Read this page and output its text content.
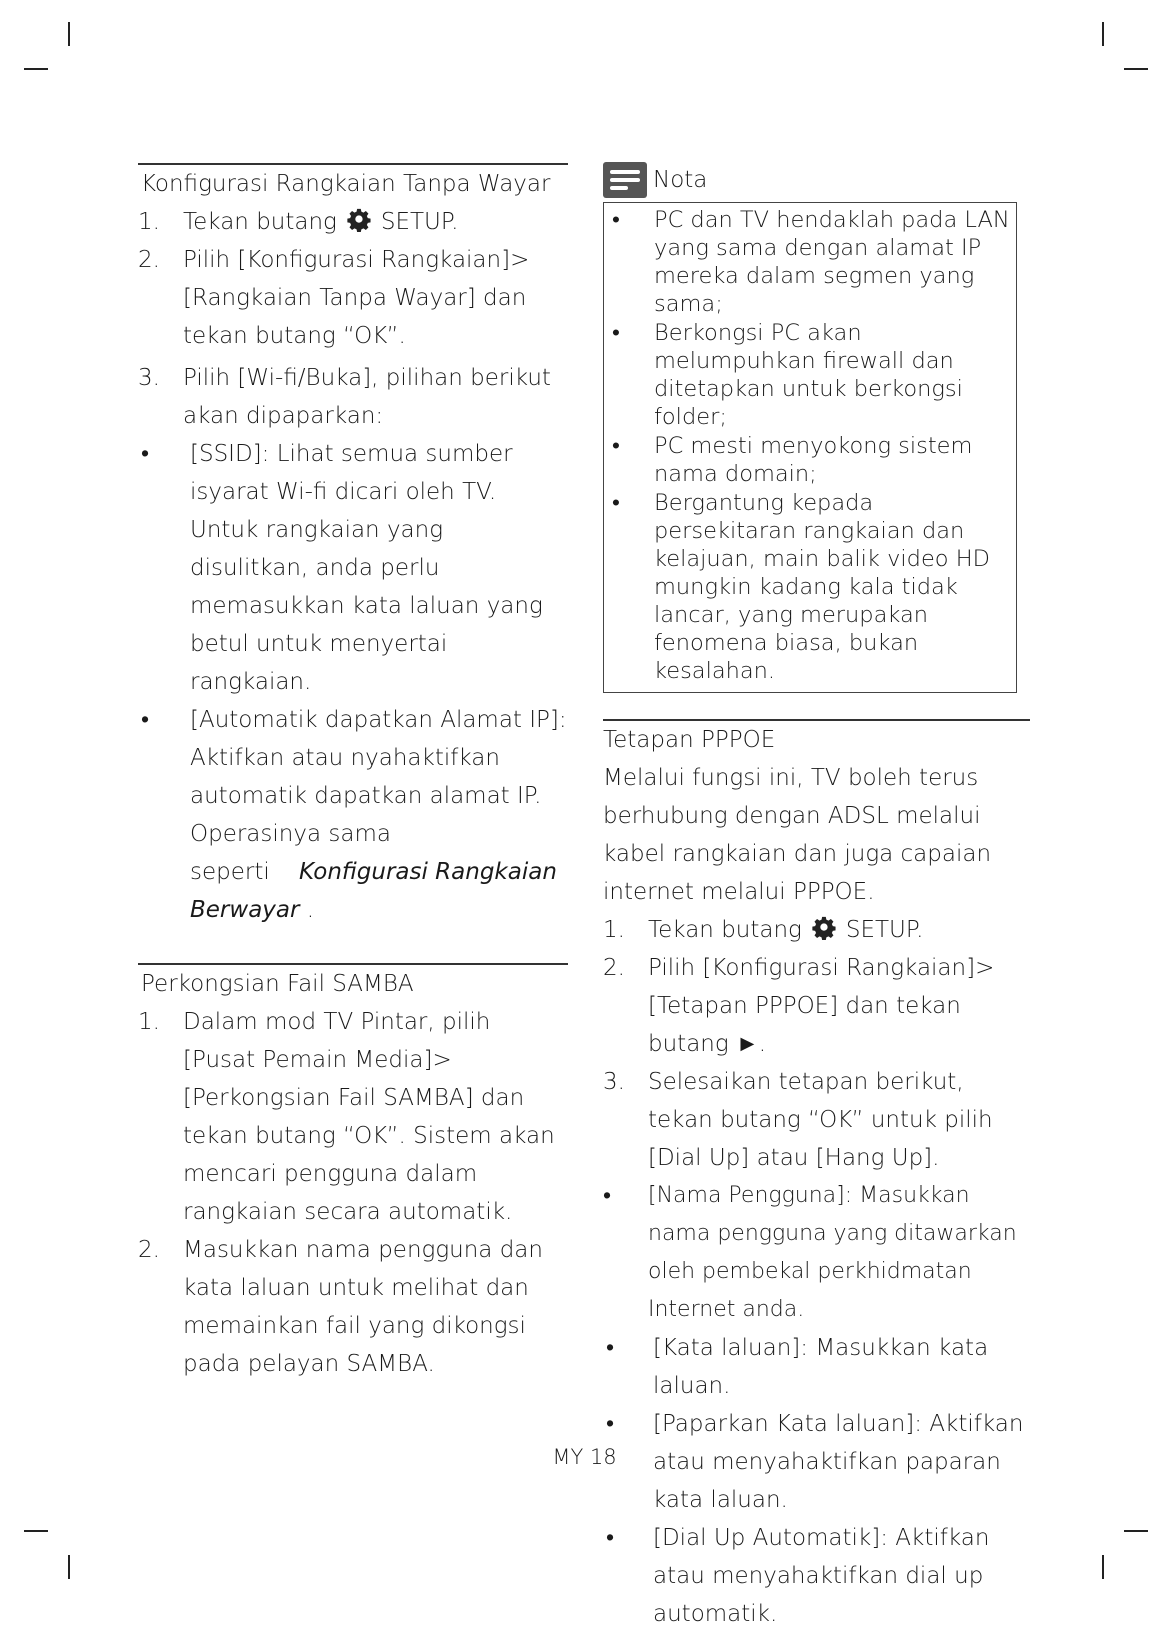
Konfigurasi Rangkaian Tanpa Wayar
1.	Tekan butang SETUP.
2.	Pilih [Konfigurasi Rangkaian]>[Rangkaian Tanpa Wayar] dan tekan butang “OK”.
3.	Pilih [Wi-fi/Buka], pilihan berikut akan dipaparkan:
•	[SSID]: Lihat semua sumber isyarat Wi-fi dicari oleh TV. Untuk rangkaian yang disulitkan, anda perlu memasukkan kata laluan yang betul untuk menyertai rangkaian.
•	[Automatik dapatkan Alamat IP]: Aktifkan atau nyahaktifkan automatik dapatkan alamat IP. Operasinya sama seperti Konfigurasi Rangkaian Berwayar .
Perkongsian Fail SAMBA
1.	Dalam mod TV Pintar, pilih [Pusat Pemain Media]>[Perkongsian Fail SAMBA] dan tekan butang “OK”. Sistem akan mencari pengguna dalam rangkaian secara automatik.
2.	Masukkan nama pengguna dan kata laluan untuk melihat dan memainkan fail yang dikongsi pada pelayan SAMBA.
Nota
•	PC dan TV hendaklah pada LAN yang sama dengan alamat IP mereka dalam segmen yang sama;
•	Berkongsi PC akan melumpuhkan firewall dan ditetapkan untuk berkongsi folder;
•	PC mesti menyokong sistem nama domain;
•	Bergantung kepada persekitaran rangkaian dan kelajuan, main balik video HD mungkin kadang kala tidak lancar, yang merupakan fenomena biasa, bukan kesalahan.
Tetapan PPPOE
Melalui fungsi ini, TV boleh terus berhubung dengan ADSL melalui kabel rangkaian dan juga capaian internet melalui PPPOE.
1.	Tekan butang SETUP.
2.	Pilih [Konfigurasi Rangkaian]>[Tetapan PPPOE] dan tekan butang ►.
3.	Selesaikan tetapan berikut, tekan butang “OK” untuk pilih [Dial Up] atau [Hang Up].
•	[Nama Pengguna]: Masukkan nama pengguna yang ditawarkan oleh pembekal perkhidmatan Internet anda.
•	[Kata laluan]: Masukkan kata laluan.
•	[Paparkan Kata laluan]: Aktifkan atau menyahaktifkan paparan kata laluan.
•	[Dial Up Automatik]: Aktifkan atau menyahaktifkan dial up automatik.
MY 18
